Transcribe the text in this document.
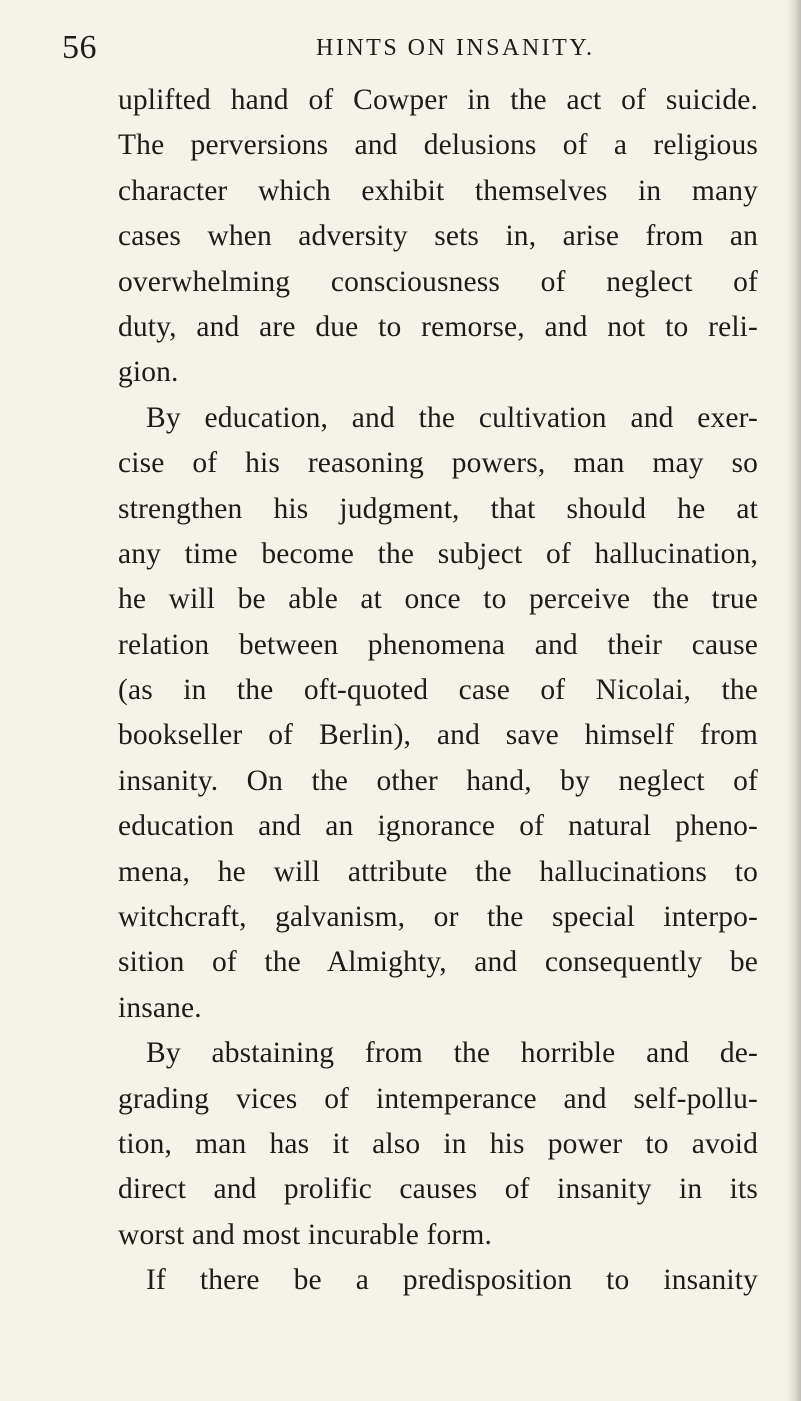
56	HINTS ON INSANITY.
uplifted hand of Cowper in the act of suicide.
The perversions and delusions of a religious
character which exhibit themselves in many
cases when adversity sets in, arise from an
overwhelming consciousness of neglect of
duty, and are due to remorse, and not to reli-
gion.
By education, and the cultivation and exer-
cise of his reasoning powers, man may so
strengthen his judgment, that should he at
any time become the subject of hallucination,
he will be able at once to perceive the true
relation between phenomena and their cause
(as in the oft-quoted case of Nicolai, the
bookseller of Berlin), and save himself from
insanity. On the other hand, by neglect of
education and an ignorance of natural pheno-
mena, he will attribute the hallucinations to
witchcraft, galvanism, or the special interpo-
sition of the Almighty, and consequently be
insane.
By abstaining from the horrible and de-
grading vices of intemperance and self-pollu-
tion, man has it also in his power to avoid
direct and prolific causes of insanity in its
worst and most incurable form.
If there be a predisposition to insanity
